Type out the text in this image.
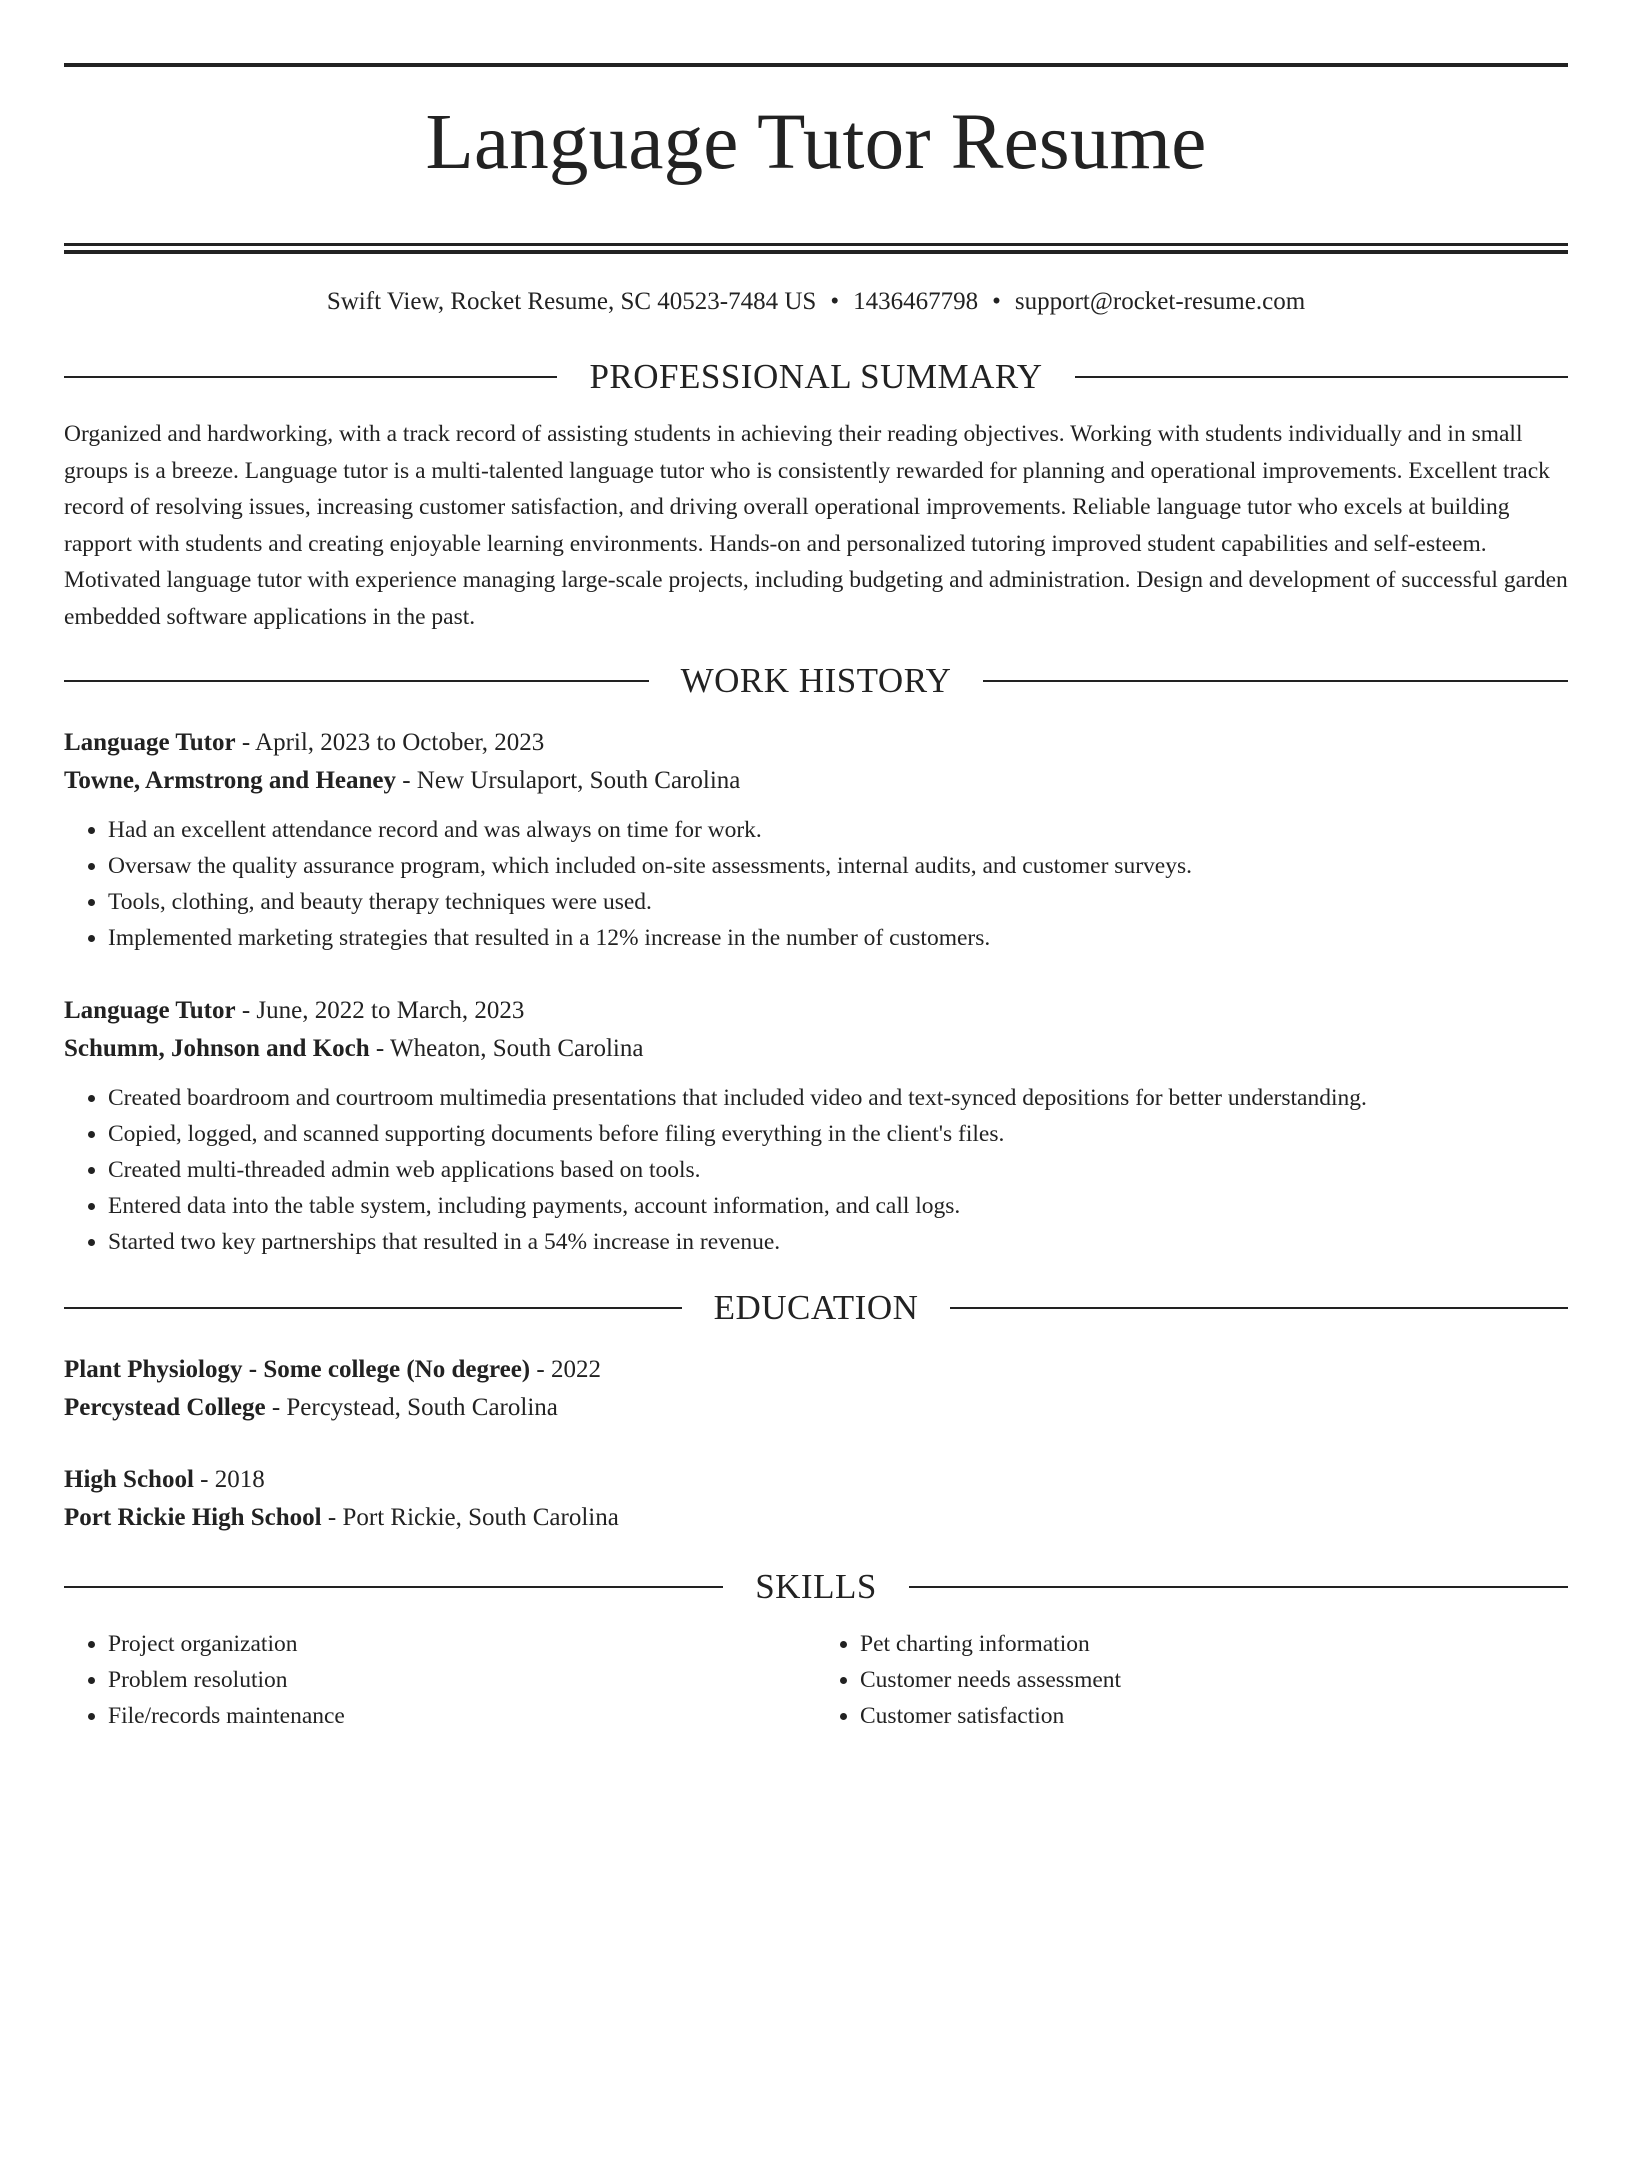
Language Tutor Resume
Swift View, Rocket Resume, SC 40523-7484 US • 1436467798 • support@rocket-resume.com
PROFESSIONAL SUMMARY

Organized and hardworking, with a track record of assisting students in achieving their reading objectives. Working with students individually and in small groups is a breeze. Language tutor is a multi-talented language tutor who is consistently rewarded for planning and operational improvements. Excellent track record of resolving issues, increasing customer satisfaction, and driving overall operational improvements. Reliable language tutor who excels at building rapport with students and creating enjoyable learning environments. Hands-on and personalized tutoring improved student capabilities and self-esteem. Motivated language tutor with experience managing large-scale projects, including budgeting and administration. Design and development of successful garden embedded software applications in the past.

WORK HISTORY
Language Tutor - April, 2023 to October, 2023
Towne, Armstrong and Heaney - New Ursulaport, South Carolina
• Had an excellent attendance record and was always on time for work.
• Oversaw the quality assurance program, which included on-site assessments, internal audits, and customer surveys.
• Tools, clothing, and beauty therapy techniques were used.
• Implemented marketing strategies that resulted in a 12% increase in the number of customers.
Language Tutor - June, 2022 to March, 2023
Schumm, Johnson and Koch - Wheaton, South Carolina
• Created boardroom and courtroom multimedia presentations that included video and text-synced depositions for better understanding.
• Copied, logged, and scanned supporting documents before filing everything in the client's files.
• Created multi-threaded admin web applications based on tools.
• Entered data into the table system, including payments, account information, and call logs.
• Started two key partnerships that resulted in a 54% increase in revenue.
EDUCATION
Plant Physiology - Some college (No degree) - 2022
Percystead College - Percystead, South Carolina
High School - 2018
Port Rickie High School - Port Rickie, South Carolina
SKILLS
• Project organization
• Problem resolution
• File/records maintenance
• Pet charting information
• Customer needs assessment
• Customer satisfaction
